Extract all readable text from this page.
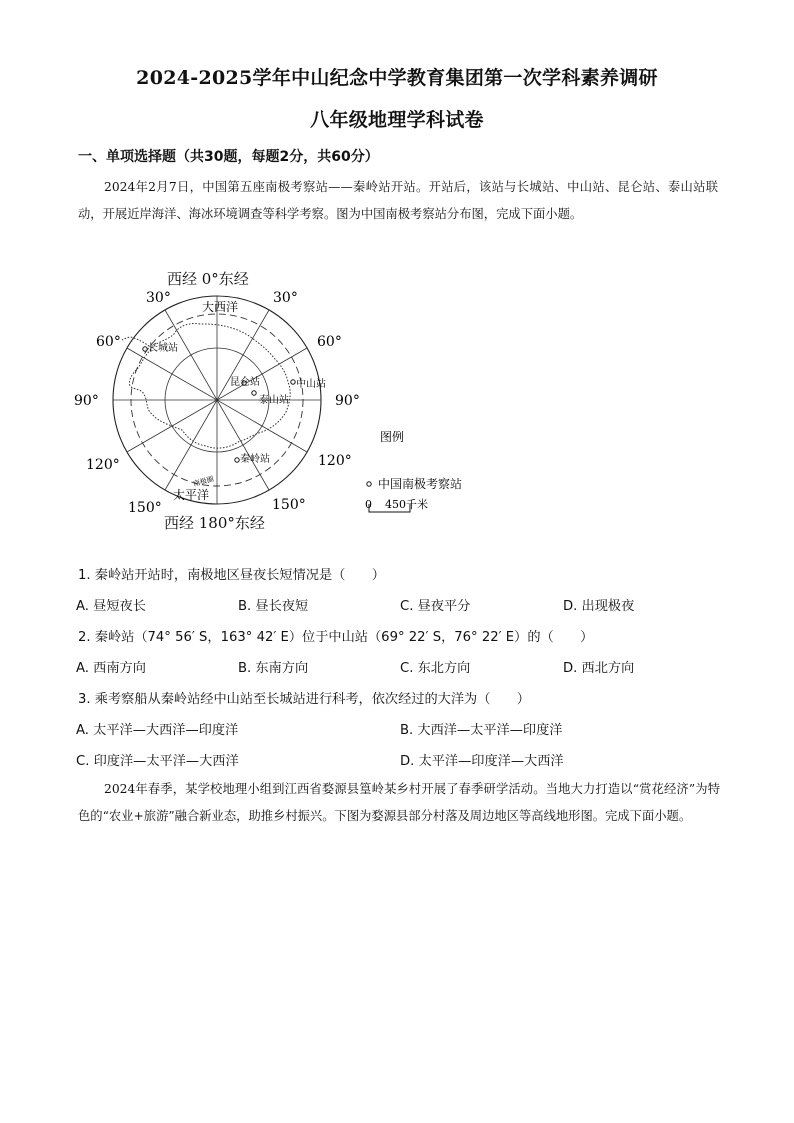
2024-2025学年中山纪念中学教育集团第一次学科素养调研
八年级地理学科试卷
一、单项选择题（共30题，每题2分，共60分）
2024年2月7日，中国第五座南极考察站——秦岭站开站。开站后，该站与长城站、中山站、昆仑站、泰山站联动，开展近岸海洋、海冰环境调查等科学考察。图为中国南极考察站分布图，完成下面小题。
西经 0°东经
西经 180°东经
30°	30°
60°	60°
90°	90°
120°	120°
150°	150°
大西洋
太平洋
南极圈
长城站
昆仑站	中山站
泰山站
秦岭站
图例
中国南极考察站
0 450千米
1. 秦岭站开站时，南极地区昼夜长短情况是（　　）
A. 昼短夜长	B. 昼长夜短	C. 昼夜平分	D. 出现极夜
2. 秦岭站（74° 56′ S，163° 42′ E）位于中山站（69° 22′ S，76° 22′ E）的（　　）
A. 西南方向	B. 东南方向	C. 东北方向	D. 西北方向
3. 乘考察船从秦岭站经中山站至长城站进行科考，依次经过的大洋为（　　）
A. 太平洋—大西洋—印度洋	B. 大西洋—太平洋—印度洋
C. 印度洋—太平洋—大西洋	D. 太平洋—印度洋—大西洋
2024年春季，某学校地理小组到江西省婺源县篁岭某乡村开展了春季研学活动。当地大力打造以“赏花经济”为特色的“农业+旅游”融合新业态，助推乡村振兴。下图为婺源县部分村落及周边地区等高线地形图。完成下面小题。
